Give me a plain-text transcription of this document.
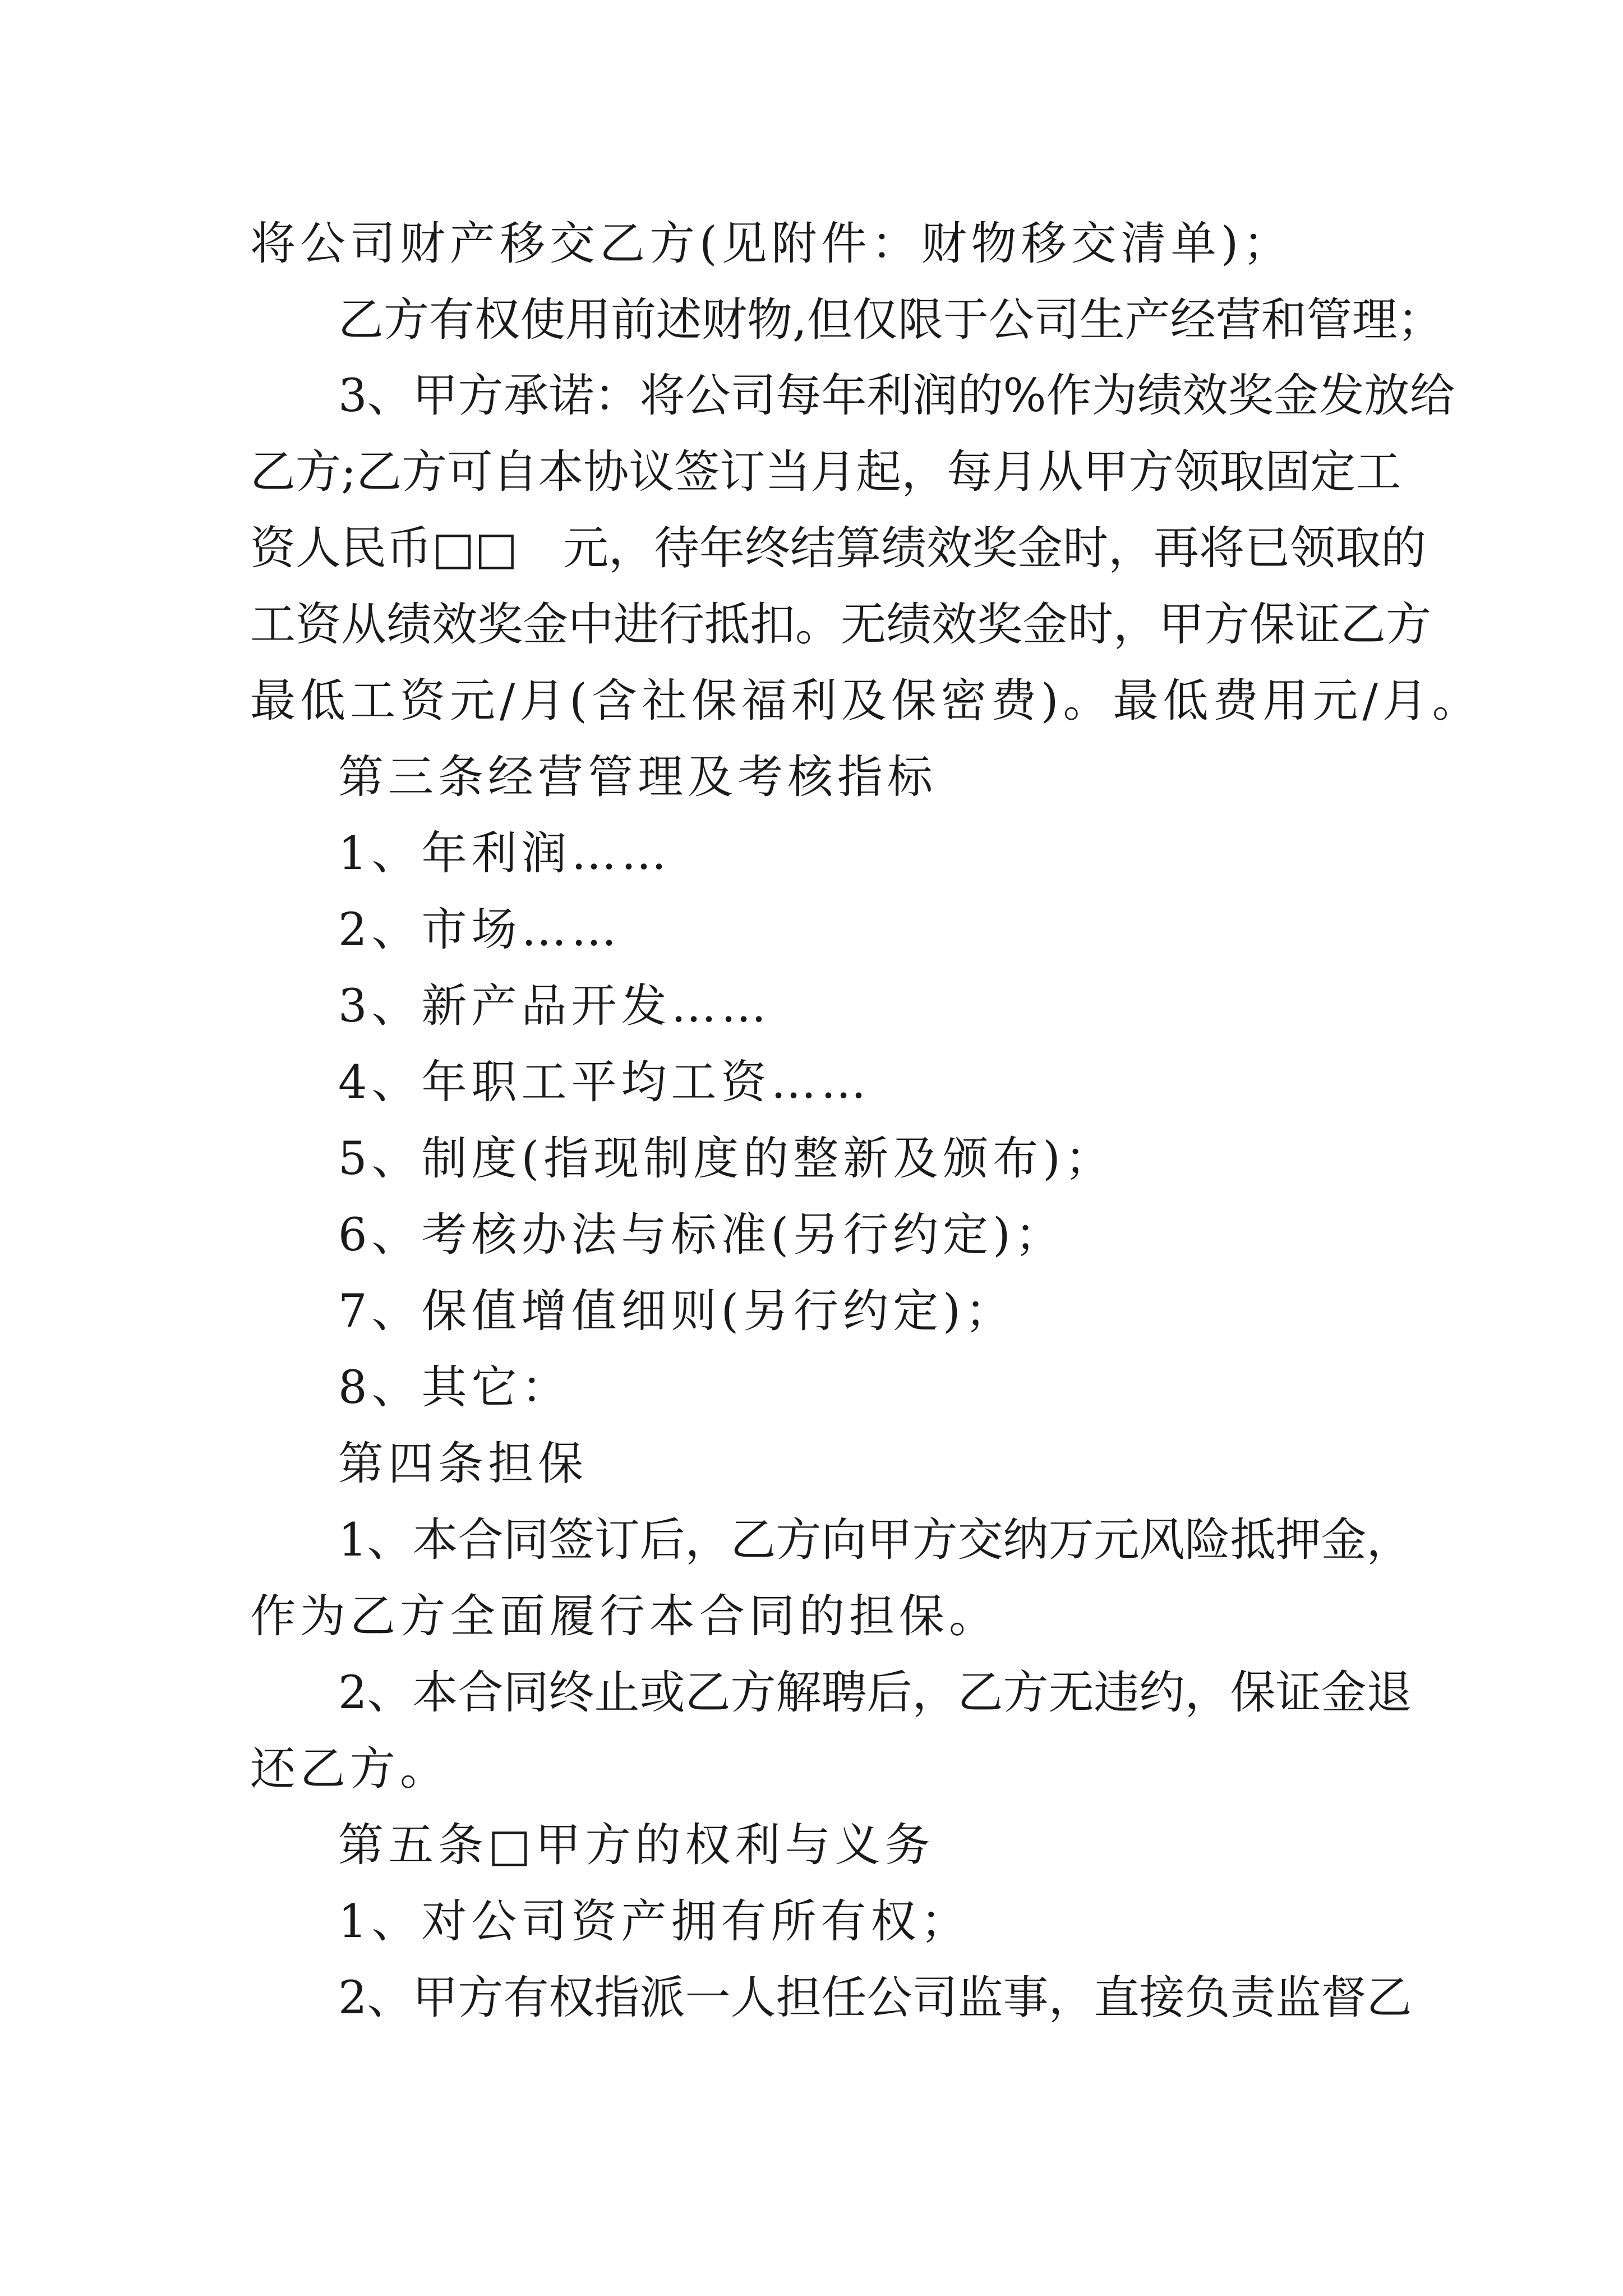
将公司财产移交乙方(见附件：财物移交清单)；
乙方有权使用前述财物,但仅限于公司生产经营和管理；
3、甲方承诺：将公司每年利润的%作为绩效奖金发放给
乙方;乙方可自本协议签订当月起，每月从甲方领取固定工
资人民币□□　元，待年终结算绩效奖金时，再将已领取的
工资从绩效奖金中进行抵扣。无绩效奖金时，甲方保证乙方
最低工资元/月(含社保福利及保密费)。最低费用元/月。
第三条经营管理及考核指标
1、年利润……
2、市场……
3、新产品开发……
4、年职工平均工资……
5、制度(指现制度的整新及颁布)；
6、考核办法与标准(另行约定)；
7、保值增值细则(另行约定)；
8、其它：
第四条担保
1、本合同签订后，乙方向甲方交纳万元风险抵押金，
作为乙方全面履行本合同的担保。
2、本合同终止或乙方解聘后，乙方无违约，保证金退
还乙方。
第五条□甲方的权利与义务
1、对公司资产拥有所有权；
2、甲方有权指派一人担任公司监事，直接负责监督乙
